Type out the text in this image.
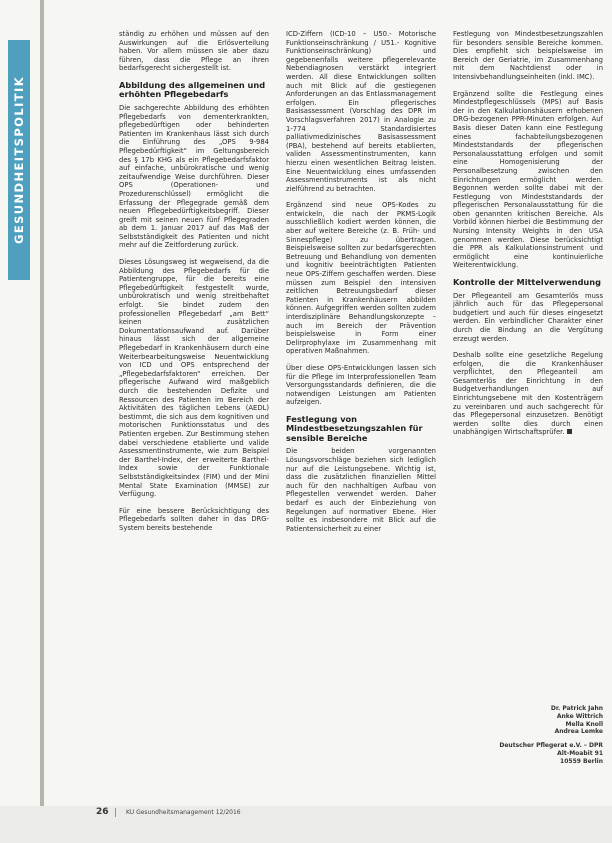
GESUNDHEITSPOLITIK

ständig zu erhöhen und müssen auf den Auswirkungen auf die Erlösverteilung haben. Vor allem müssen sie aber dazu führen, dass die Pflege an ihren bedarfsgerecht sichergestellt ist.

Abbildung des allgemeinen und erhöhten Pflegebedarfs

Die sachgerechte Abbildung des erhöhten Pflegebedarfs von dementerkrankten, pflegebedürftigen oder behinderten Patienten im Krankenhaus lässt sich durch die Einführung des „OPS 9-984 Pflegebedürftigkeit“ im Geltungsbereich des § 17b KHG als ein Pflegebedarfsfaktor auf einfache, unbürokratische und wenig zeitaufwendige Weise durchführen. Dieser OPS (Operationen- und Prozedurenschlüssel) ermöglicht die Erfassung der Pflegegrade gemäß dem neuen Pflegebedürftigkeitsbegriff. Dieser greift mit seinen neuen fünf Pflegegraden ab dem 1. Januar 2017 auf das Maß der Selbstständigkeit des Patienten und nicht mehr auf die Zeitforderung zurück.

Dieses Lösungsweg ist wegweisend, da die Abbildung des Pflegebedarfs für die Patientengruppe, für die bereits eine Pflegebedürftigkeit festgestellt wurde, unbürokratisch und wenig streitbehaftet erfolgt. Sie bindet zudem den professionellen Pflegebedarf „am Bett“ keinen zusätzlichen Dokumentationsaufwand auf. Darüber hinaus lässt sich der allgemeine Pflegebedarf in Krankenhäusern durch eine Weiterbearbeitungsweise Neuentwicklung von ICD und OPS entsprechend der „Pflegebedarfsfaktoren“ erreichen. Der pflegerische Aufwand wird maßgeblich durch die bestehenden Defizite und Ressourcen des Patienten im Bereich der Aktivitäten des täglichen Lebens (AEDL) bestimmt, die sich aus dem kognitiven und motorischen Funktionsstatus und des Patienten ergeben. Zur Bestimmung stehen dabei verschiedene etablierte und valide Assessmentinstrumente, wie zum Beispiel der Barthel-Index, der erweiterte Barthel-Index sowie der Funktionale Selbstständigkeitsindex (FIM) und der Mini Mental State Examination (MMSE) zur Verfügung.

Für eine bessere Berücksichtigung des Pflegebedarfs sollten daher in das DRG-System bereits bestehende

ICD-Ziffern (ICD-10 – U50.- Motorische Funktionseinschränkung / U51.- Kognitive Funktionseinschränkung) und gegebenenfalls weitere pflegerelevante Nebendiagnosen verstärkt integriert werden. All diese Entwicklungen sollten auch mit Blick auf die gestiegenen Anforderungen an das Entlassmanagement erfolgen. Ein pflegerisches Basisassessment (Vorschlag des DPR im Vorschlagsverfahren 2017) in Analogie zu 1-774 Standardisiertes palliativmedizinisches Basisassessment (PBA), bestehend auf bereits etablierten, validen Assessmentinstrumenten, kann hierzu einen wesentlichen Beitrag leisten. Eine Neuentwicklung eines umfassenden Assessmentinstruments ist als nicht zielführend zu betrachten.

Ergänzend sind neue OPS-Kodes zu entwickeln, die nach der PKMS-Logik ausschließlich kodiert werden können, die aber auf weitere Bereiche (z. B. Früh- und Sinnespflege) zu übertragen. Beispielsweise sollten zur bedarfsgerechten Betreuung und Behandlung von dementen und kognitiv beeinträchtigten Patienten neue OPS-Ziffern geschaffen werden. Diese müssen zum Beispiel den intensiven zeitlichen Betreuungsbedarf dieser Patienten in Krankenhäusern abbilden können. Aufgegriffen werden sollten zudem interdisziplinäre Behandlungskonzepte – auch im Bereich der Prävention beispielsweise in Form einer Delirprophylaxe im Zusammenhang mit operativen Maßnahmen.

Über diese OPS-Entwicklungen lassen sich für die Pflege im Interprofessionellen Team Versorgungsstandards definieren, die die notwendigen Leistungen am Patienten aufzeigen.

Festlegung von Mindestbesetzungszahlen für sensible Bereiche

Die beiden vorgenannten Lösungsvorschläge beziehen sich lediglich nur auf die Leistungsebene. Wichtig ist, dass die zusätzlichen finanziellen Mittel auch für den nachhaltigen Aufbau von Pflegestellen verwendet werden. Daher bedarf es auch der Einbeziehung von Regelungen auf normativer Ebene. Hier sollte es insbesondere mit Blick auf die Patientensicherheit zu einer

Festlegung von Mindestbesetzungszahlen für besonders sensible Bereiche kommen. Dies empfiehlt sich beispielsweise im Bereich der Geriatrie, im Zusammenhang mit dem Nachtdienst oder in Intensivbehandlungseinheiten (inkl. IMC).

Ergänzend sollte die Festlegung eines Mindestpflegeschlüssels (MPS) auf Basis der in den Kalkulationshäusern erhobenen DRG-bezogenen PPR-Minuten erfolgen. Auf Basis dieser Daten kann eine Festlegung eines fachabteilungsbezogenen Mindeststandards der pflegerischen Personalausstattung erfolgen und somit eine Homogenisierung der Personalbesetzung zwischen den Einrichtungen ermöglicht werden. Begonnen werden sollte dabei mit der Festlegung von Mindeststandards der pflegerischen Personalausstattung für die oben genannten kritischen Bereiche. Als Vorbild können hierbei die Bestimmung der Nursing Intensity Weights in den USA genommen werden. Diese berücksichtigt die PPR als Kalkulationsinstrument und ermöglicht eine kontinuierliche Weiterentwicklung.

Kontrolle der Mittelverwendung

Der Pflegeanteil am Gesamterlös muss jährlich auch für das Pflegepersonal budgetiert und auch für dieses eingesetzt werden. Ein verbindlicher Charakter einer durch die Bindung an die Vergütung erzeugt werden.

Deshalb sollte eine gesetzliche Regelung erfolgen, die die Krankenhäuser verpflichtet, den Pflegeanteil am Gesamterlös der Einrichtung in den Budgetverhandlungen auf Einrichtungsebene mit den Kostenträgern zu vereinbaren und auch sachgerecht für das Pflegepersonal einzusetzen. Benötigt werden sollte dies durch einen unabhängigen Wirtschaftsprüfer.

Dr. Patrick Jahn
Anke Wittrich
Mella Knoll
Andrea Lemke
Deutscher Pflegerat e.V. – DPR
Alt-Moabit 91
10559 Berlin
26 | KU Gesundheitsmanagement 12/2016
